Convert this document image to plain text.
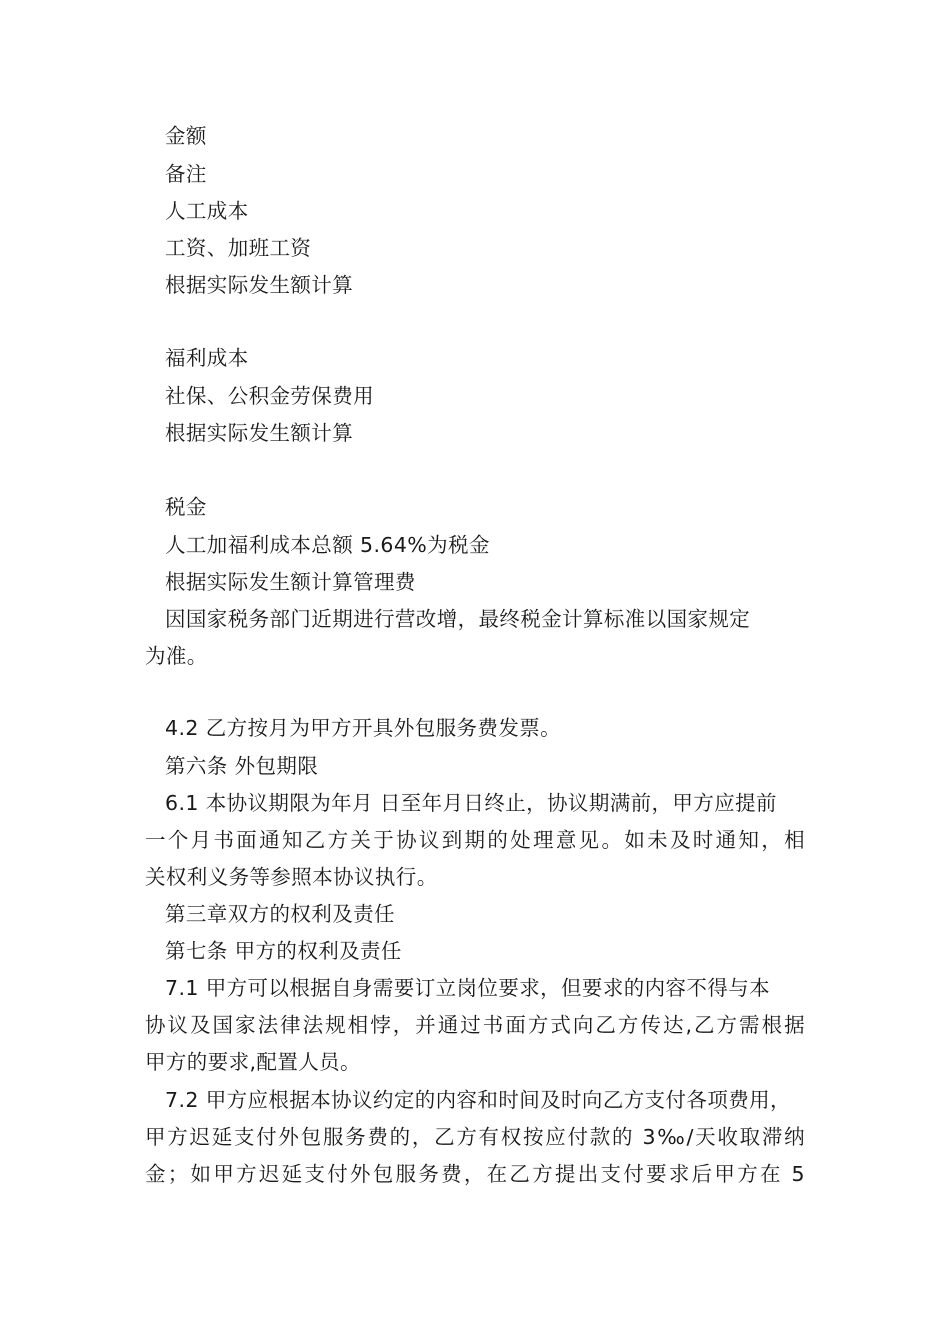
金额
备注
人工成本
工资、加班工资
根据实际发生额计算
福利成本
社保、公积金劳保费用
根据实际发生额计算
税金
人工加福利成本总额 5.64%为税金
根据实际发生额计算管理费
因国家税务部门近期进行营改增，最终税金计算标准以国家规定
为准。
4.2 乙方按月为甲方开具外包服务费发票。
第六条 外包期限
6.1 本协议期限为年月 日至年月日终止，协议期满前，甲方应提前
一个月书面通知乙方关于协议到期的处理意见。如未及时通知，相
关权利义务等参照本协议执行。
第三章双方的权利及责任
第七条 甲方的权利及责任
7.1 甲方可以根据自身需要订立岗位要求，但要求的内容不得与本
协议及国家法律法规相悖，并通过书面方式向乙方传达,乙方需根据
甲方的要求,配置人员。
7.2 甲方应根据本协议约定的内容和时间及时向乙方支付各项费用，
甲方迟延支付外包服务费的，乙方有权按应付款的 3‰/天收取滞纳
金；如甲方迟延支付外包服务费，在乙方提出支付要求后甲方在 5
